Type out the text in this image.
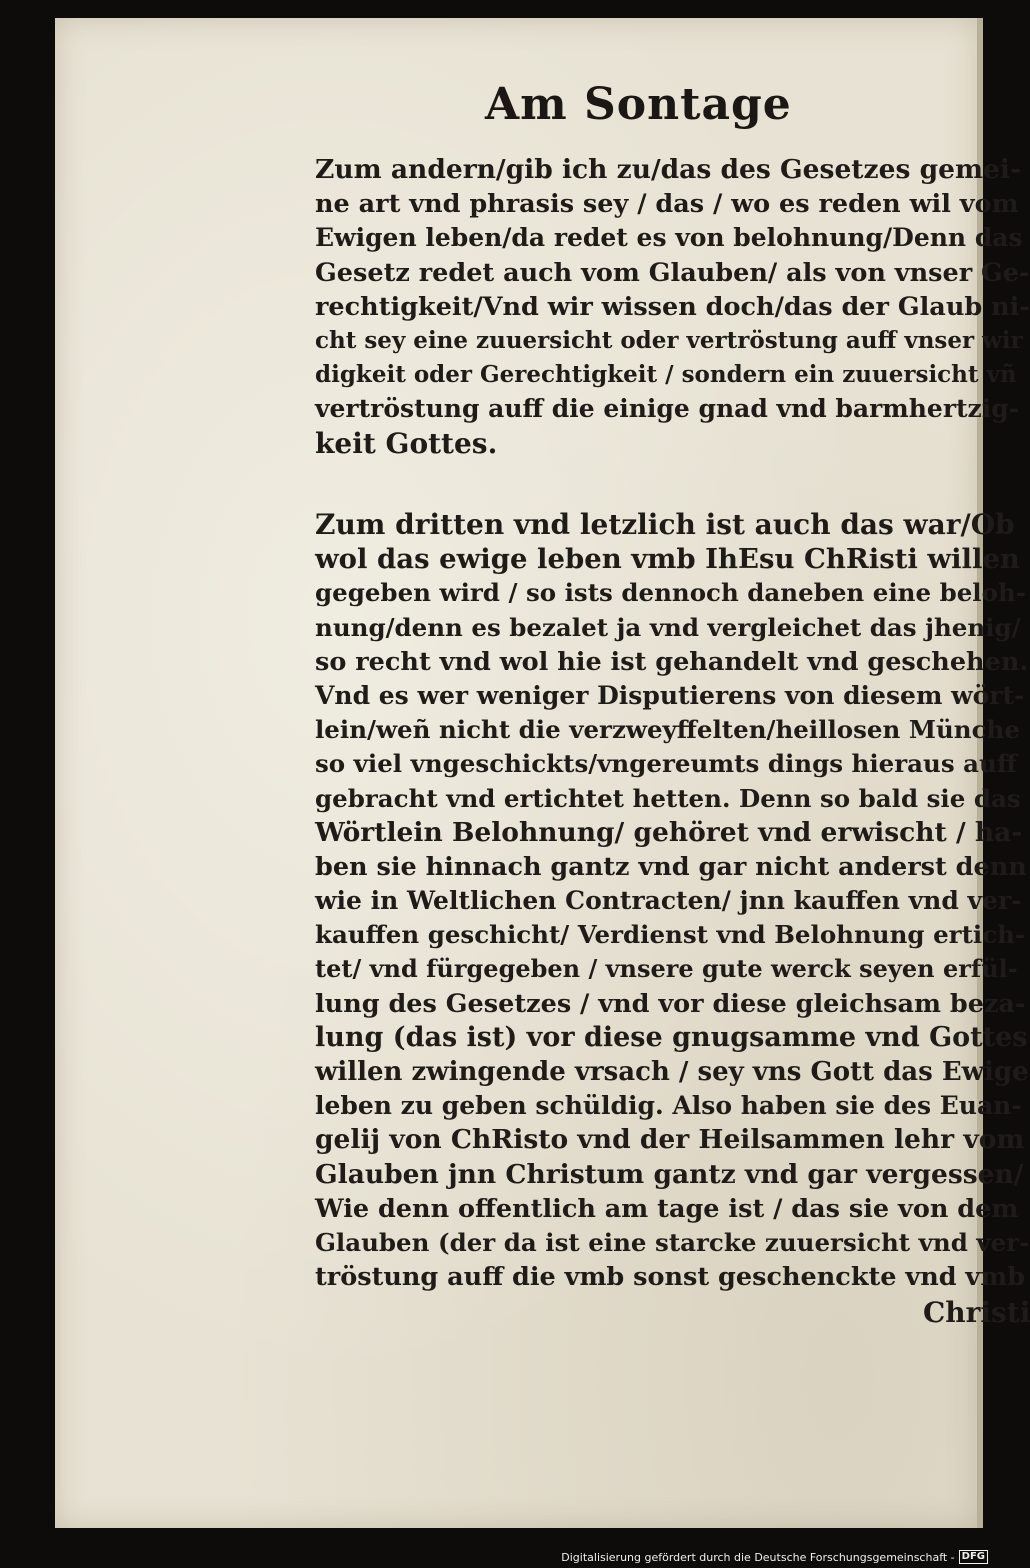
Am Sontage
Zum andern/gib ich zu/das des Gesetzes gemei-
ne art vnd phrasis sey / das / wo es reden wil vom
Ewigen leben/da redet es von belohnung/Denn das
Gesetz redet auch vom Glauben/ als von vnser Ge-
rechtigkeit/Vnd wir wissen doch/das der Glaub ni-
cht sey eine zuuersicht oder vertröstung auff vnser wir
digkeit oder Gerechtigkeit / sondern ein zuuersicht vñ
vertröstung auff die einige gnad vnd barmhertzig-
keit Gottes.
Zum dritten vnd letzlich ist auch das war/Ob
wol das ewige leben vmb IhEsu ChRisti willen
gegeben wird / so ists dennoch daneben eine beloh-
nung/denn es bezalet ja vnd vergleichet das jhenig/
so recht vnd wol hie ist gehandelt vnd geschehen.
Vnd es wer weniger Disputierens von diesem wört-
lein/weñ nicht die verzweyffelten/heillosen Münche
so viel vngeschickts/vngereumts dings hieraus auff
gebracht vnd ertichtet hetten. Denn so bald sie das
Wörtlein Belohnung/ gehöret vnd erwischt / ha-
ben sie hinnach gantz vnd gar nicht anderst denn
wie in Weltlichen Contracten/ jnn kauffen vnd ver-
kauffen geschicht/ Verdienst vnd Belohnung ertich-
tet/ vnd fürgegeben / vnsere gute werck seyen erfül-
lung des Gesetzes / vnd vor diese gleichsam beza-
lung (das ist) vor diese gnugsamme vnd Gottes
willen zwingende vrsach / sey vns Gott das Ewige
leben zu geben schüldig. Also haben sie des Euan-
gelij von ChRisto vnd der Heilsammen lehr vom
Glauben jnn Christum gantz vnd gar vergessen/
Wie denn offentlich am tage ist / das sie von dem
Glauben (der da ist eine starcke zuuersicht vnd ver-
tröstung auff die vmb sonst geschenckte vnd vmb
Christi
Digitalisierung gefördert durch die Deutsche Forschungsgemeinschaft - DFG
